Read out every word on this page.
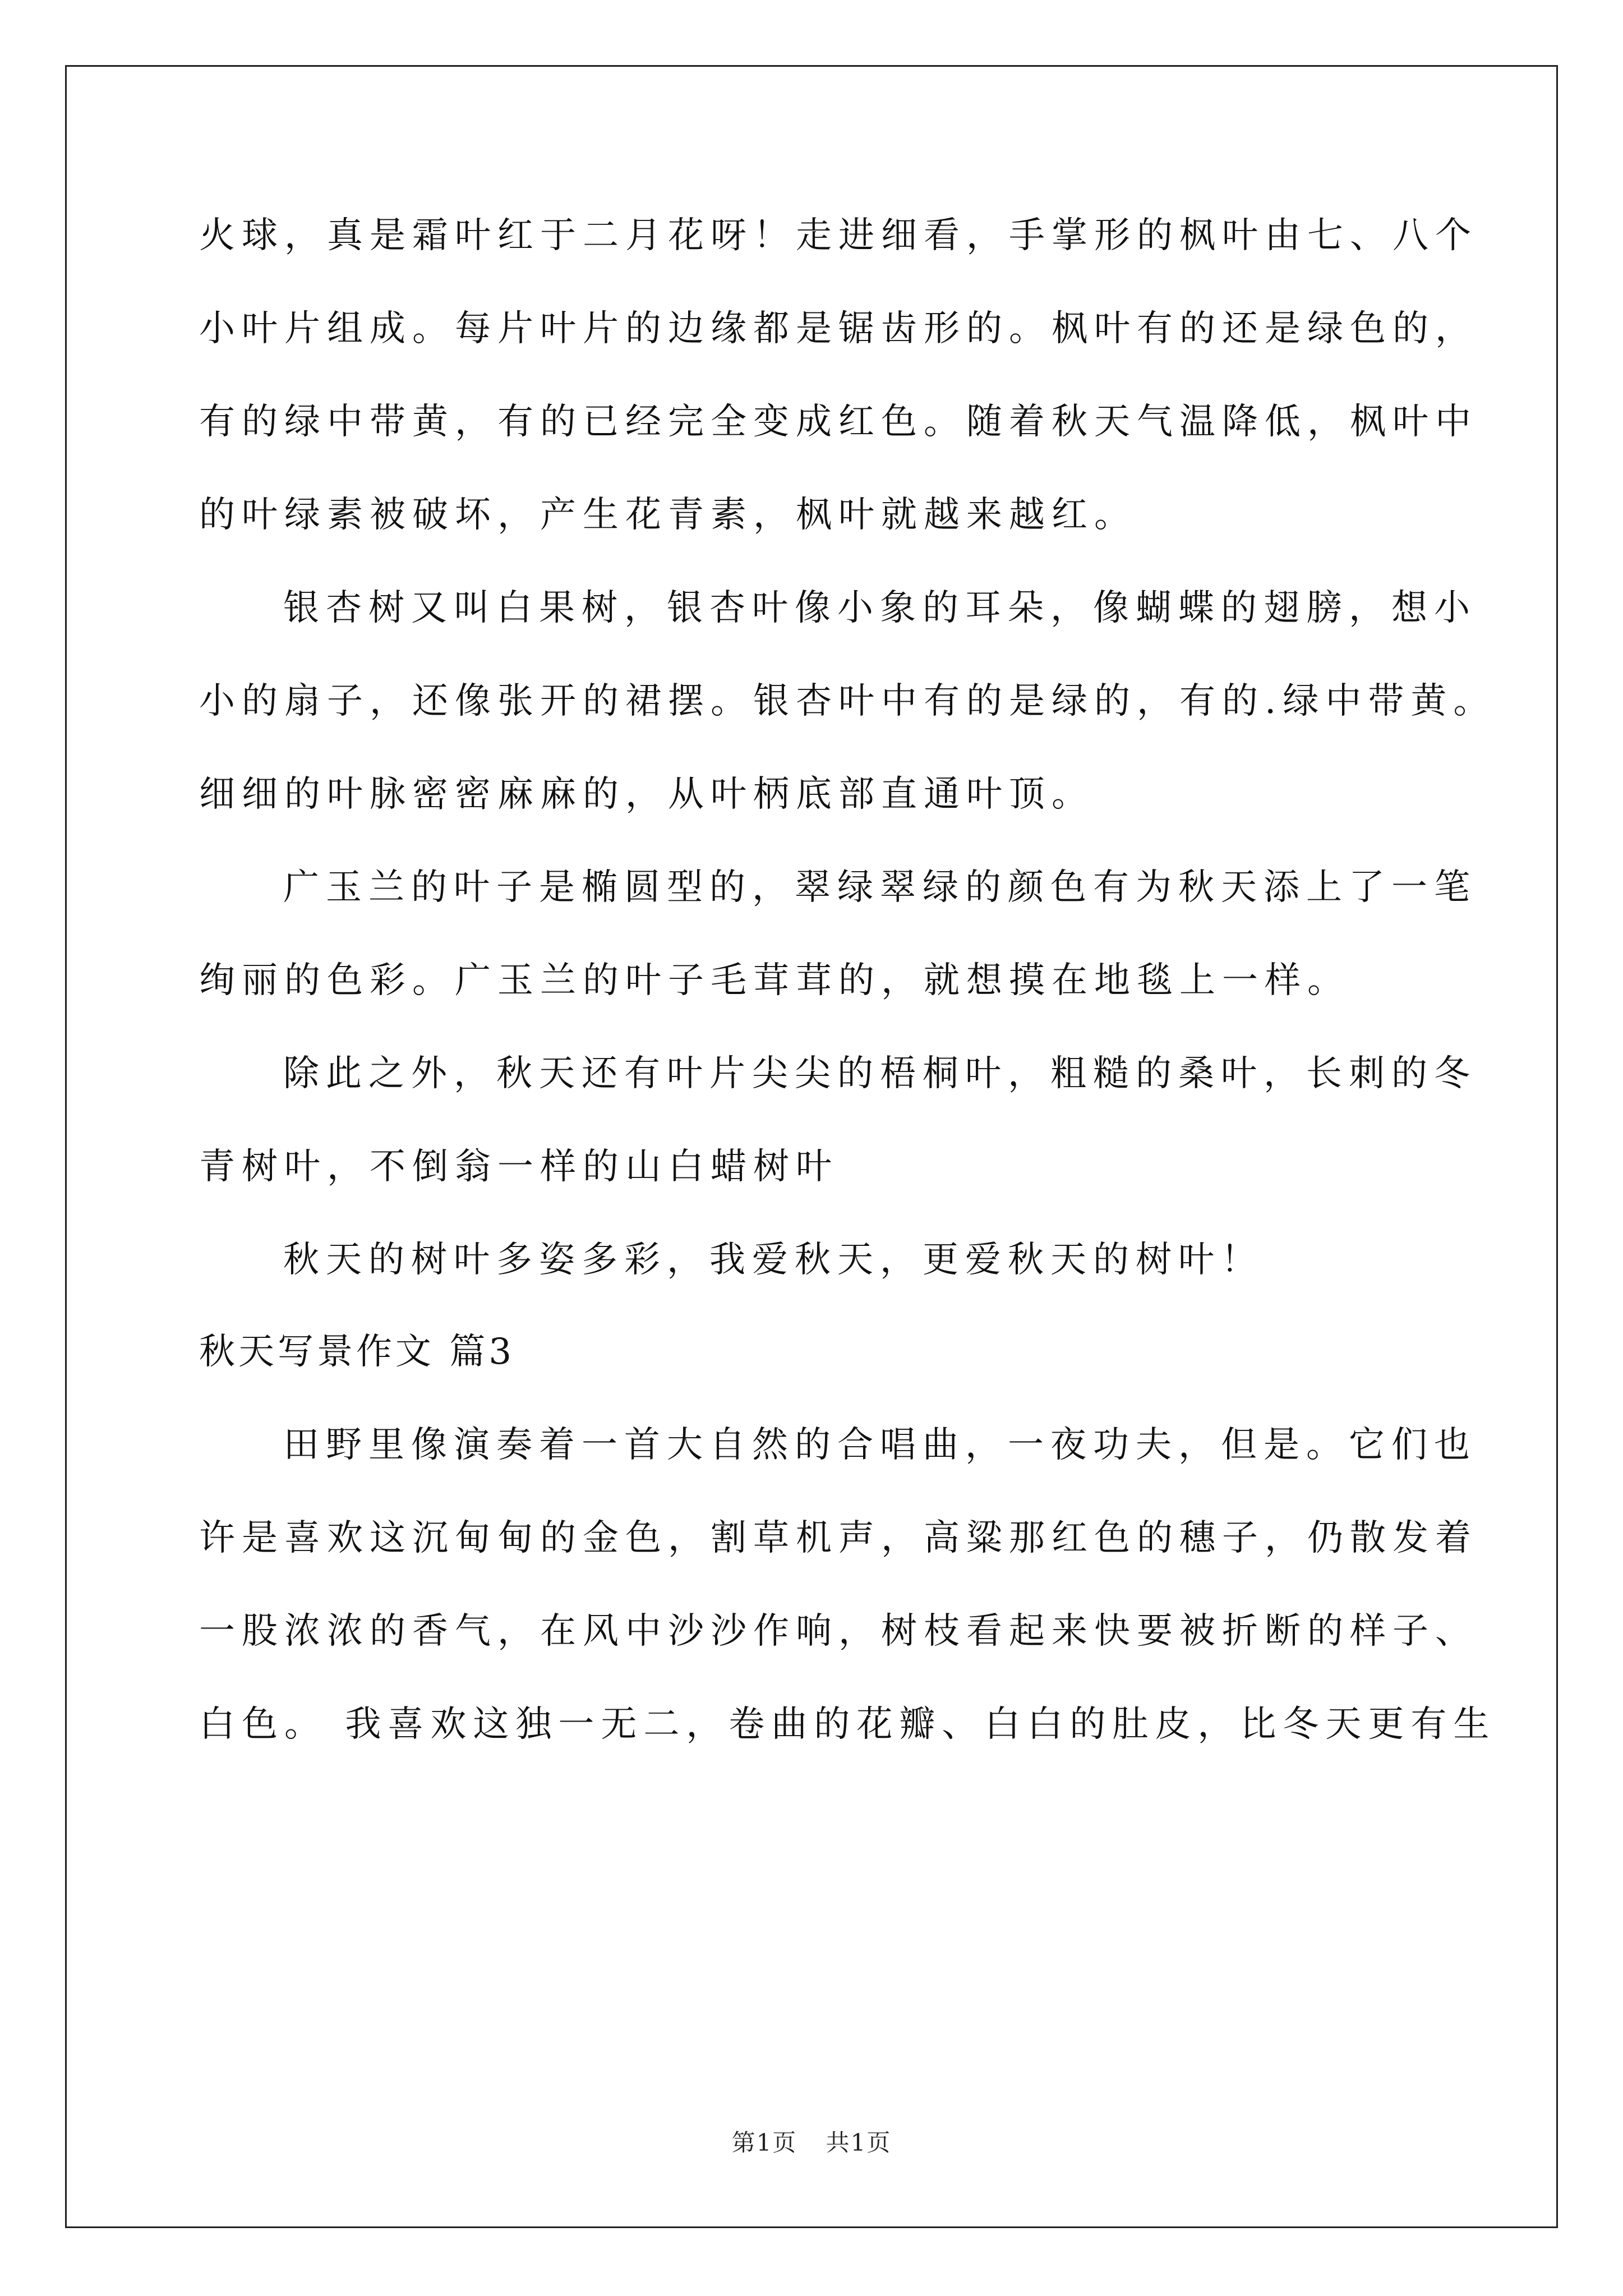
火球，真是霜叶红于二月花呀！走进细看，手掌形的枫叶由七、八个
小叶片组成。每片叶片的边缘都是锯齿形的。枫叶有的还是绿色的，
有的绿中带黄，有的已经完全变成红色。随着秋天气温降低，枫叶中
的叶绿素被破坏，产生花青素，枫叶就越来越红。
银杏树又叫白果树，银杏叶像小象的耳朵，像蝴蝶的翅膀，想小
小的扇子，还像张开的裙摆。银杏叶中有的是绿的，有的.绿中带黄。
细细的叶脉密密麻麻的，从叶柄底部直通叶顶。
广玉兰的叶子是椭圆型的，翠绿翠绿的颜色有为秋天添上了一笔
绚丽的色彩。广玉兰的叶子毛茸茸的，就想摸在地毯上一样。
除此之外，秋天还有叶片尖尖的梧桐叶，粗糙的桑叶，长刺的冬
青树叶，不倒翁一样的山白蜡树叶
秋天的树叶多姿多彩，我爱秋天，更爱秋天的树叶！
秋天写景作文 篇3
田野里像演奏着一首大自然的合唱曲，一夜功夫，但是。它们也
许是喜欢这沉甸甸的金色，割草机声，高粱那红色的穗子，仍散发着
一股浓浓的香气，在风中沙沙作响，树枝看起来快要被折断的样子、
白色。 我喜欢这独一无二，卷曲的花瓣、白白的肚皮，比冬天更有生
第1页 共1页
